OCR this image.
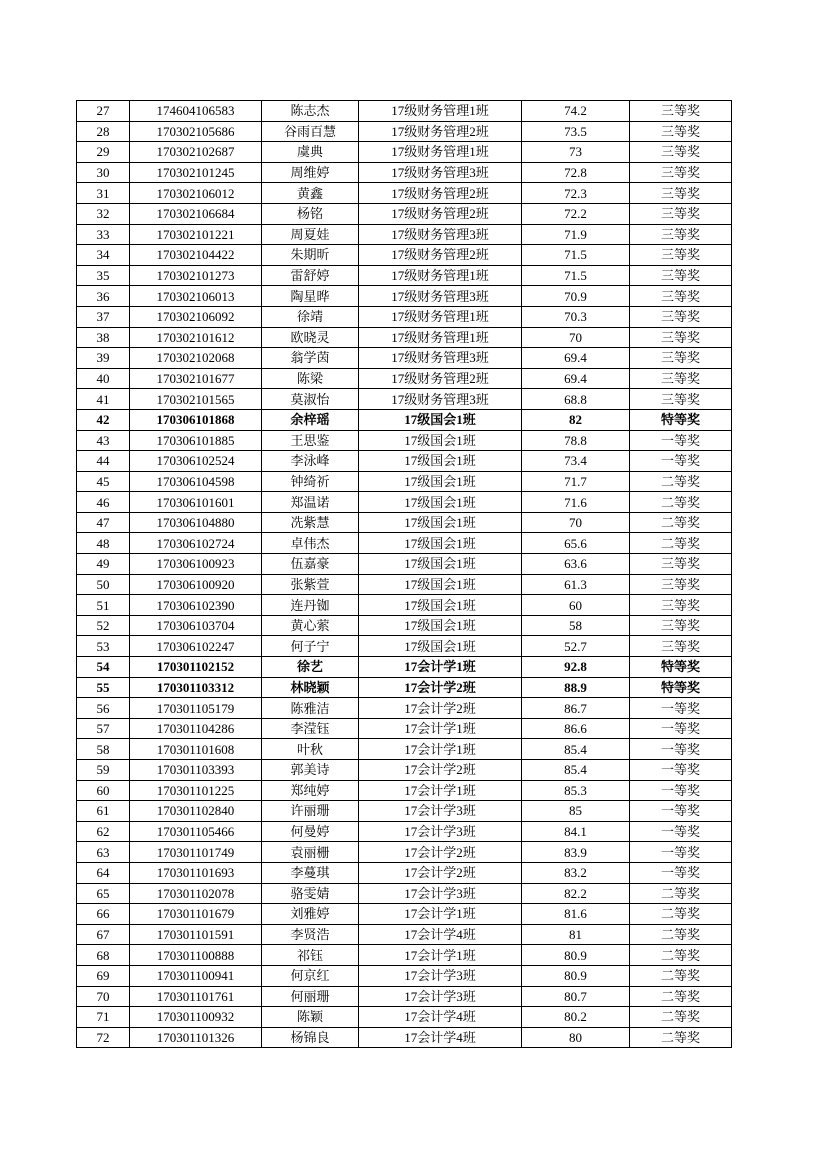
27	174604106583	陈志杰	17级财务管理1班	74.2	三等奖
28	170302105686	谷雨百慧	17级财务管理2班	73.5	三等奖
29	170302102687	虞典	17级财务管理1班	73	三等奖
30	170302101245	周维婷	17级财务管理3班	72.8	三等奖
31	170302106012	黄鑫	17级财务管理2班	72.3	三等奖
32	170302106684	杨铭	17级财务管理2班	72.2	三等奖
33	170302101221	周夏娃	17级财务管理3班	71.9	三等奖
34	170302104422	朱期昕	17级财务管理2班	71.5	三等奖
35	170302101273	雷舒婷	17级财务管理1班	71.5	三等奖
36	170302106013	陶星晔	17级财务管理3班	70.9	三等奖
37	170302106092	徐靖	17级财务管理1班	70.3	三等奖
38	170302101612	欧晓灵	17级财务管理1班	70	三等奖
39	170302102068	翁学茵	17级财务管理3班	69.4	三等奖
40	170302101677	陈梁	17级财务管理2班	69.4	三等奖
41	170302101565	莫淑怡	17级财务管理3班	68.8	三等奖
42	170306101868	余梓瑶	17级国会1班	82	特等奖
43	170306101885	王思鉴	17级国会1班	78.8	一等奖
44	170306102524	李泳峰	17级国会1班	73.4	一等奖
45	170306104598	钟绮祈	17级国会1班	71.7	二等奖
46	170306101601	郑温诺	17级国会1班	71.6	二等奖
47	170306104880	冼紫慧	17级国会1班	70	二等奖
48	170306102724	卓伟杰	17级国会1班	65.6	二等奖
49	170306100923	伍嘉豪	17级国会1班	63.6	三等奖
50	170306100920	张紫萱	17级国会1班	61.3	三等奖
51	170306102390	连丹铷	17级国会1班	60	三等奖
52	170306103704	黄心萦	17级国会1班	58	三等奖
53	170306102247	何子宁	17级国会1班	52.7	三等奖
54	170301102152	徐艺	17会计学1班	92.8	特等奖
55	170301103312	林晓颖	17会计学2班	88.9	特等奖
56	170301105179	陈雅洁	17会计学2班	86.7	一等奖
57	170301104286	李滢钰	17会计学1班	86.6	一等奖
58	170301101608	叶秋	17会计学1班	85.4	一等奖
59	170301103393	郭美诗	17会计学2班	85.4	一等奖
60	170301101225	郑纯婷	17会计学1班	85.3	一等奖
61	170301102840	许丽珊	17会计学3班	85	一等奖
62	170301105466	何曼婷	17会计学3班	84.1	一等奖
63	170301101749	袁丽栅	17会计学2班	83.9	一等奖
64	170301101693	李蔓琪	17会计学2班	83.2	一等奖
65	170301102078	骆雯婧	17会计学3班	82.2	二等奖
66	170301101679	刘雅婷	17会计学1班	81.6	二等奖
67	170301101591	李贤浩	17会计学4班	81	二等奖
68	170301100888	祁钰	17会计学1班	80.9	二等奖
69	170301100941	何京红	17会计学3班	80.9	二等奖
70	170301101761	何丽珊	17会计学3班	80.7	二等奖
71	170301100932	陈颖	17会计学4班	80.2	二等奖
72	170301101326	杨锦良	17会计学4班	80	二等奖
